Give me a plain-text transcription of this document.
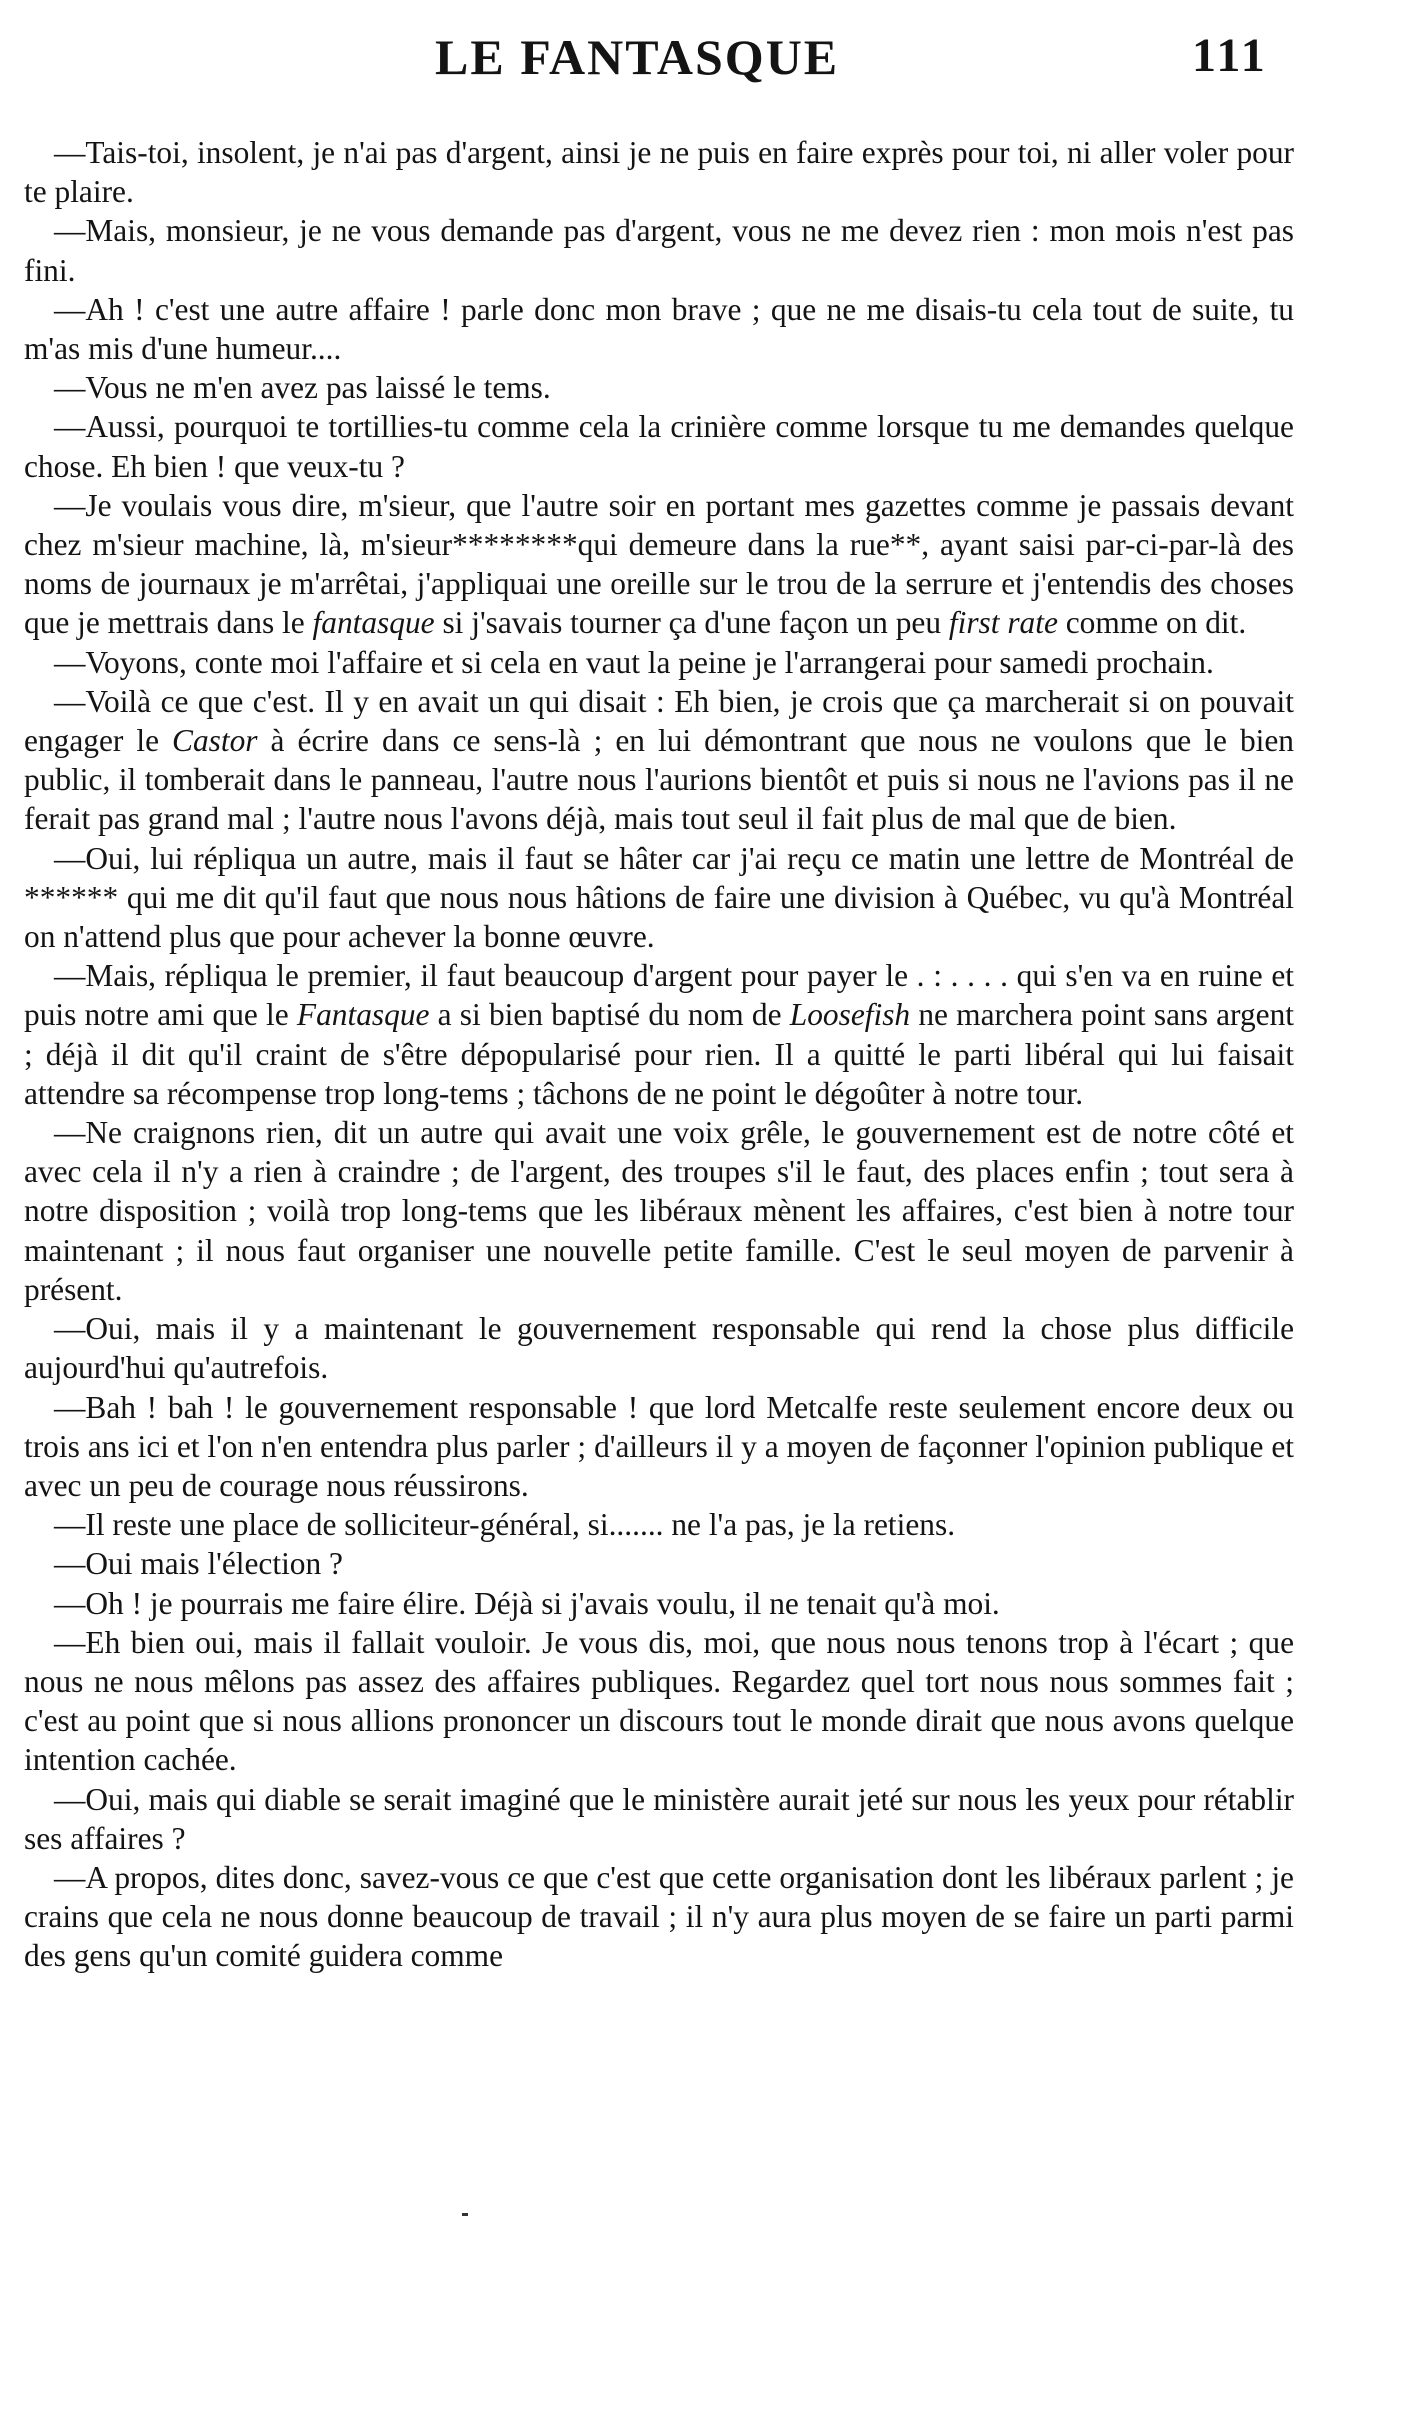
LE FANTASQUE	111

—Tais-toi, insolent, je n'ai pas d'argent, ainsi je ne puis en faire exprès pour toi, ni aller voler pour te plaire.

—Mais, monsieur, je ne vous demande pas d'argent, vous ne me devez rien : mon mois n'est pas fini.

—Ah ! c'est une autre affaire ! parle donc mon brave ; que ne me disais-tu cela tout de suite, tu m'as mis d'une humeur....

—Vous ne m'en avez pas laissé le tems.

—Aussi, pourquoi te tortillies-tu comme cela la crinière comme lorsque tu me demandes quelque chose. Eh bien ! que veux-tu ?

—Je voulais vous dire, m'sieur, que l'autre soir en portant mes gazettes comme je passais devant chez m'sieur machine, là, m'sieur********qui demeure dans la rue**, ayant saisi par-ci-par-là des noms de journaux je m'arrêtai, j'appliquai une oreille sur le trou de la serrure et j'entendis des choses que je mettrais dans le fantasque si j'savais tourner ça d'une façon un peu first rate comme on dit.

—Voyons, conte moi l'affaire et si cela en vaut la peine je l'arrangerai pour samedi prochain.

—Voilà ce que c'est. Il y en avait un qui disait : Eh bien, je crois que ça marcherait si on pouvait engager le Castor à écrire dans ce sens-là ; en lui démontrant que nous ne voulons que le bien public, il tomberait dans le panneau, l'autre nous l'aurions bientôt et puis si nous ne l'avions pas il ne ferait pas grand mal ; l'autre nous l'avons déjà, mais tout seul il fait plus de mal que de bien.

—Oui, lui répliqua un autre, mais il faut se hâter car j'ai reçu ce matin une lettre de Montréal de ****** qui me dit qu'il faut que nous nous hâtions de faire une division à Québec, vu qu'à Montréal on n'attend plus que pour achever la bonne œuvre.

—Mais, répliqua le premier, il faut beaucoup d'argent pour payer le . : . . . . qui s'en va en ruine et puis notre ami que le Fantasque a si bien baptisé du nom de Loosefish ne marchera point sans argent ; déjà il dit qu'il craint de s'être dépopularisé pour rien. Il a quitté le parti libéral qui lui faisait attendre sa récompense trop long-tems ; tâchons de ne point le dégoûter à notre tour.

—Ne craignons rien, dit un autre qui avait une voix grêle, le gouvernement est de notre côté et avec cela il n'y a rien à craindre ; de l'argent, des troupes s'il le faut, des places enfin ; tout sera à notre disposition ; voilà trop long-tems que les libéraux mènent les affaires, c'est bien à notre tour maintenant ; il nous faut organiser une nouvelle petite famille. C'est le seul moyen de parvenir à présent.

—Oui, mais il y a maintenant le gouvernement responsable qui rend la chose plus difficile aujourd'hui qu'autrefois.

—Bah ! bah ! le gouvernement responsable ! que lord Metcalfe reste seulement encore deux ou trois ans ici et l'on n'en entendra plus parler ; d'ailleurs il y a moyen de façonner l'opinion publique et avec un peu de courage nous réussirons.

—Il reste une place de solliciteur-général, si....... ne l'a pas, je la retiens.

—Oui mais l'élection ?

—Oh ! je pourrais me faire élire. Déjà si j'avais voulu, il ne tenait qu'à moi.

—Eh bien oui, mais il fallait vouloir. Je vous dis, moi, que nous nous tenons trop à l'écart ; que nous ne nous mêlons pas assez des affaires publiques. Regardez quel tort nous nous sommes fait ; c'est au point que si nous allions prononcer un discours tout le monde dirait que nous avons quelque intention cachée.

—Oui, mais qui diable se serait imaginé que le ministère aurait jeté sur nous les yeux pour rétablir ses affaires ?

—A propos, dites donc, savez-vous ce que c'est que cette organisation dont les libéraux parlent ; je crains que cela ne nous donne beaucoup de travail ; il n'y aura plus moyen de se faire un parti parmi des gens qu'un comité guidera comme
